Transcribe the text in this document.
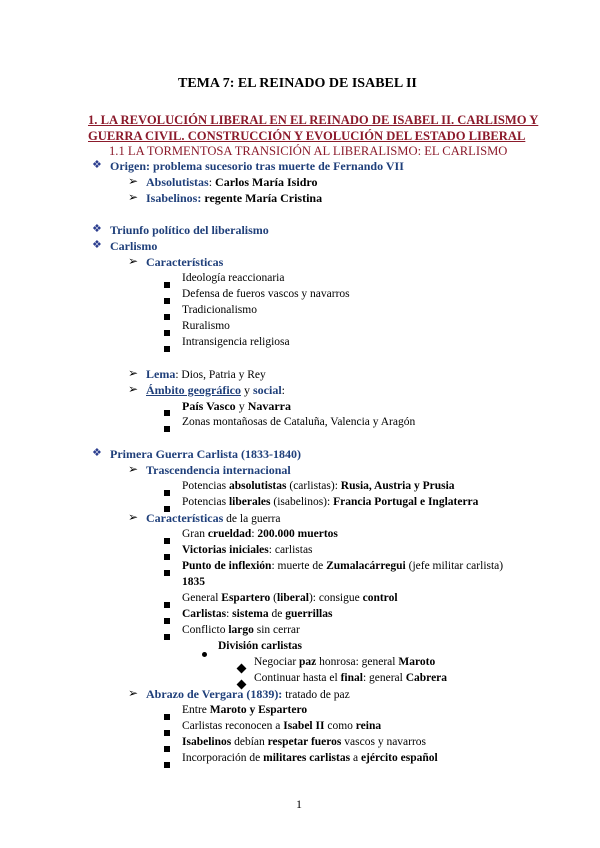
TEMA 7: EL REINADO DE ISABEL II
1. LA REVOLUCIÓN LIBERAL EN EL REINADO DE ISABEL II. CARLISMO Y
GUERRA CIVIL. CONSTRUCCIÓN Y EVOLUCIÓN DEL ESTADO LIBERAL
1.1 LA TORMENTOSA TRANSICIÓN AL LIBERALISMO: EL CARLISMO
❖ Origen: problema sucesorio tras muerte de Fernando VII
➢ Absolutistas: Carlos María Isidro
➢ Isabelinos: regente María Cristina
❖ Triunfo político del liberalismo
❖ Carlismo
➢ Características
Ideología reaccionaria
Defensa de fueros vascos y navarros
Tradicionalismo
Ruralismo
Intransigencia religiosa
➢ Lema: Dios, Patria y Rey
➢ Ámbito geográfico y social:
País Vasco y Navarra
Zonas montañosas de Cataluña, Valencia y Aragón
❖ Primera Guerra Carlista (1833-1840)
➢ Trascendencia internacional
Potencias absolutistas (carlistas): Rusia, Austria y Prusia
Potencias liberales (isabelinos): Francia Portugal e Inglaterra
➢ Características de la guerra
Gran crueldad: 200.000 muertos
Victorias iniciales: carlistas
Punto de inflexión: muerte de Zumalacárregui (jefe militar carlista)
1835
General Espartero (liberal): consigue control
Carlistas: sistema de guerrillas
Conflicto largo sin cerrar
División carlistas
Negociar paz honrosa: general Maroto
Continuar hasta el final: general Cabrera
➢ Abrazo de Vergara (1839): tratado de paz
Entre Maroto y Espartero
Carlistas reconocen a Isabel II como reina
Isabelinos debían respetar fueros vascos y navarros
Incorporación de militares carlistas a ejército español
1
